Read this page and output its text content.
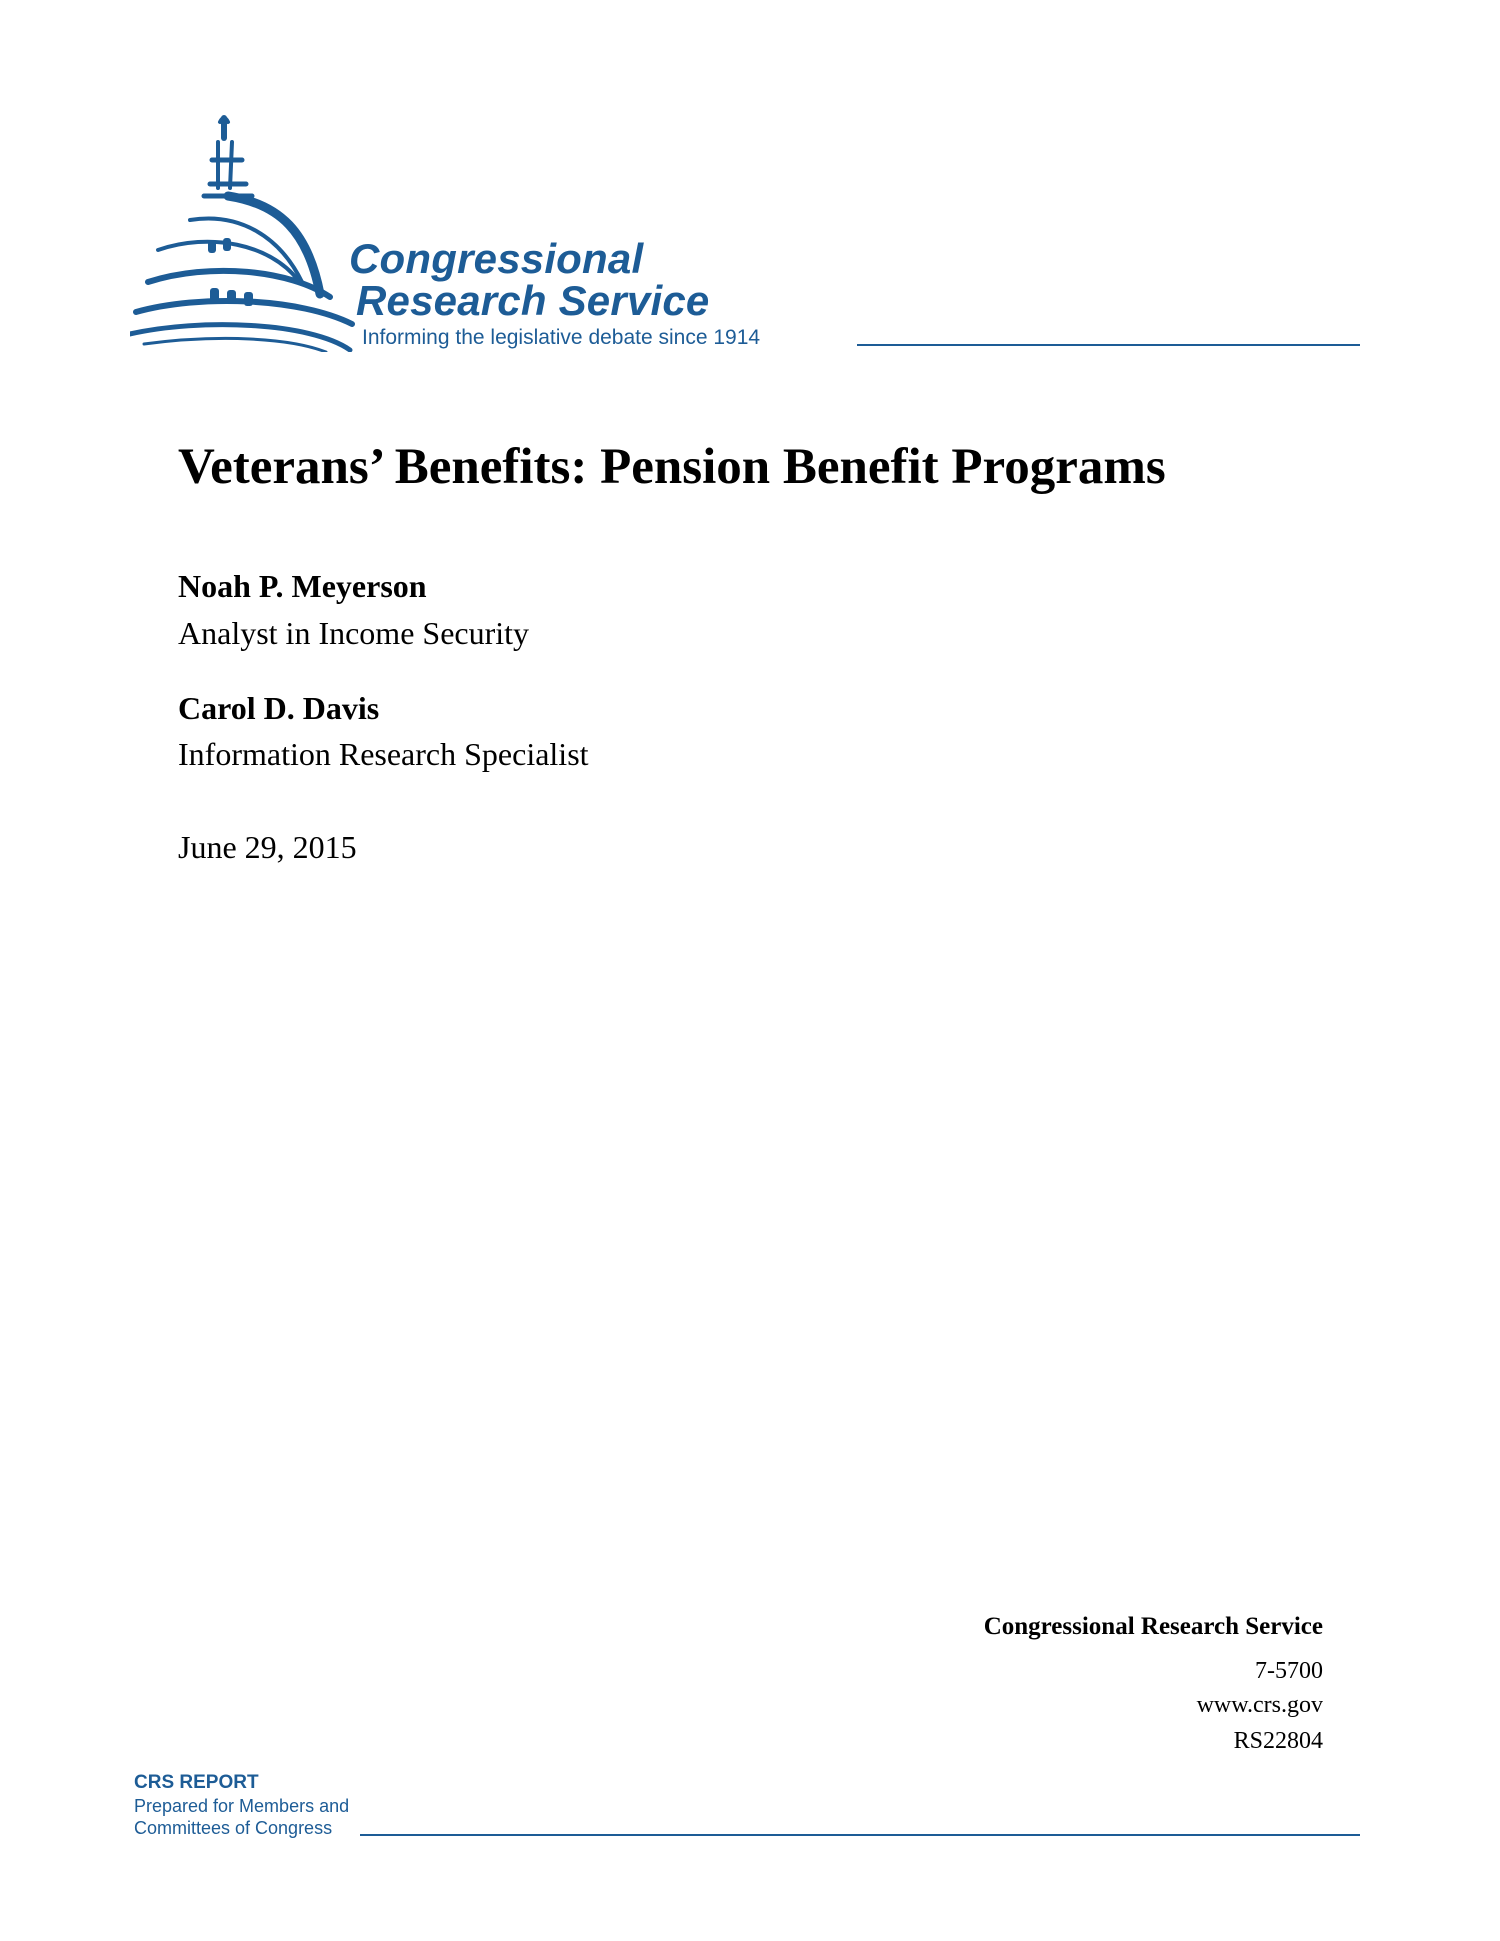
Congressional
Research Service
Informing the legislative debate since 1914
Veterans’ Benefits: Pension Benefit Programs
Noah P. Meyerson
Analyst in Income Security
Carol D. Davis
Information Research Specialist
June 29, 2015
Congressional Research Service
7-5700
www.crs.gov
RS22804
CRS REPORT
Prepared for Members and
Committees of Congress
